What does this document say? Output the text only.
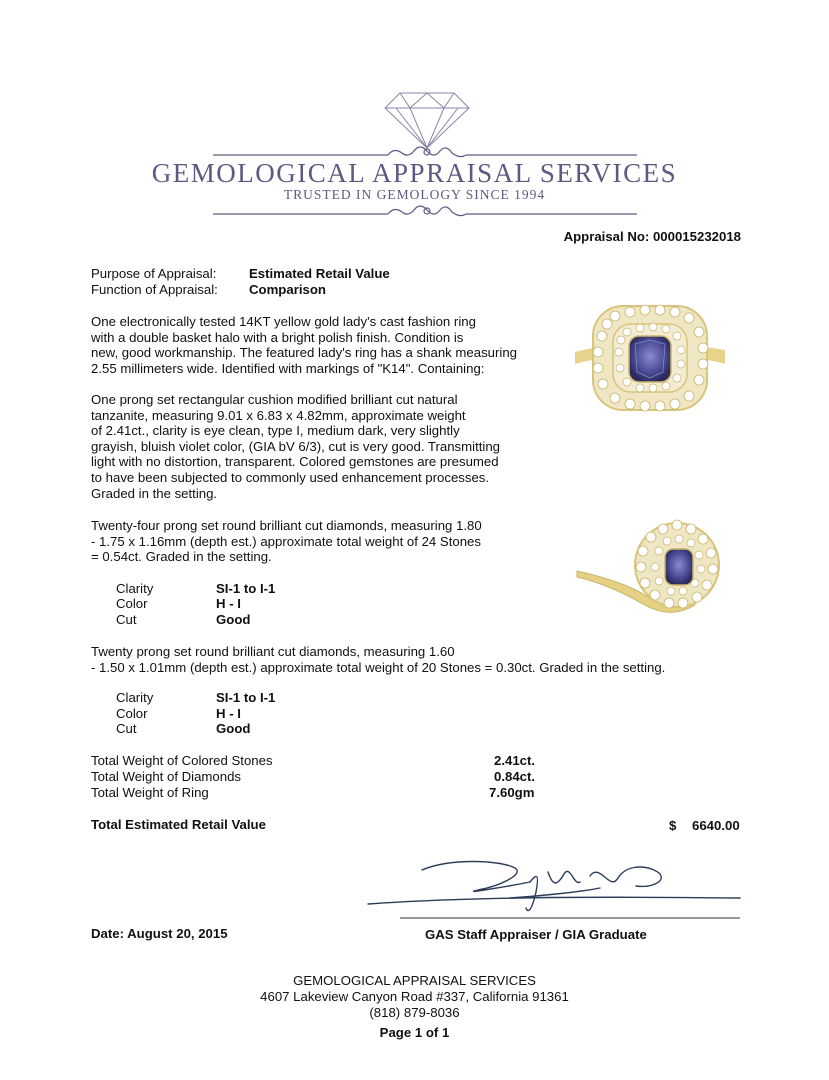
GEMOLOGICAL APPRAISAL SERVICES
TRUSTED IN GEMOLOGY SINCE 1994
Appraisal No: 000015232018
Purpose of Appraisal: Estimated Retail Value
Function of Appraisal: Comparison
One electronically tested 14KT yellow gold lady's cast fashion ring
with a double basket halo with a bright polish finish. Condition is
new, good workmanship. The featured lady's ring has a shank measuring
2.55 millimeters wide. Identified with markings of "K14". Containing:
One prong set rectangular cushion modified brilliant cut natural
tanzanite, measuring 9.01 x 6.83 x 4.82mm, approximate weight
of 2.41ct., clarity is eye clean, type I, medium dark, very slightly
grayish, bluish violet color, (GIA bV 6/3), cut is very good. Transmitting
light with no distortion, transparent. Colored gemstones are presumed
to have been subjected to commonly used enhancement processes.
Graded in the setting.
Twenty-four prong set round brilliant cut diamonds, measuring 1.80
- 1.75 x 1.16mm (depth est.) approximate total weight of 24 Stones
= 0.54ct. Graded in the setting.
Clarity	SI-1 to I-1
Color	H - I
Cut	Good
Twenty prong set round brilliant cut diamonds, measuring 1.60
- 1.50 x 1.01mm (depth est.) approximate total weight of 20 Stones = 0.30ct. Graded in the setting.
Clarity	SI-1 to I-1
Color	H - I
Cut	Good
Total Weight of Colored Stones	2.41ct.
Total Weight of Diamonds	0.84ct.
Total Weight of Ring	7.60gm
Total Estimated Retail Value	$ 6640.00
Date: August 20, 2015	GAS Staff Appraiser / GIA Graduate
GEMOLOGICAL APPRAISAL SERVICES
4607 Lakeview Canyon Road #337, California 91361
(818) 879-8036
Page 1 of 1
